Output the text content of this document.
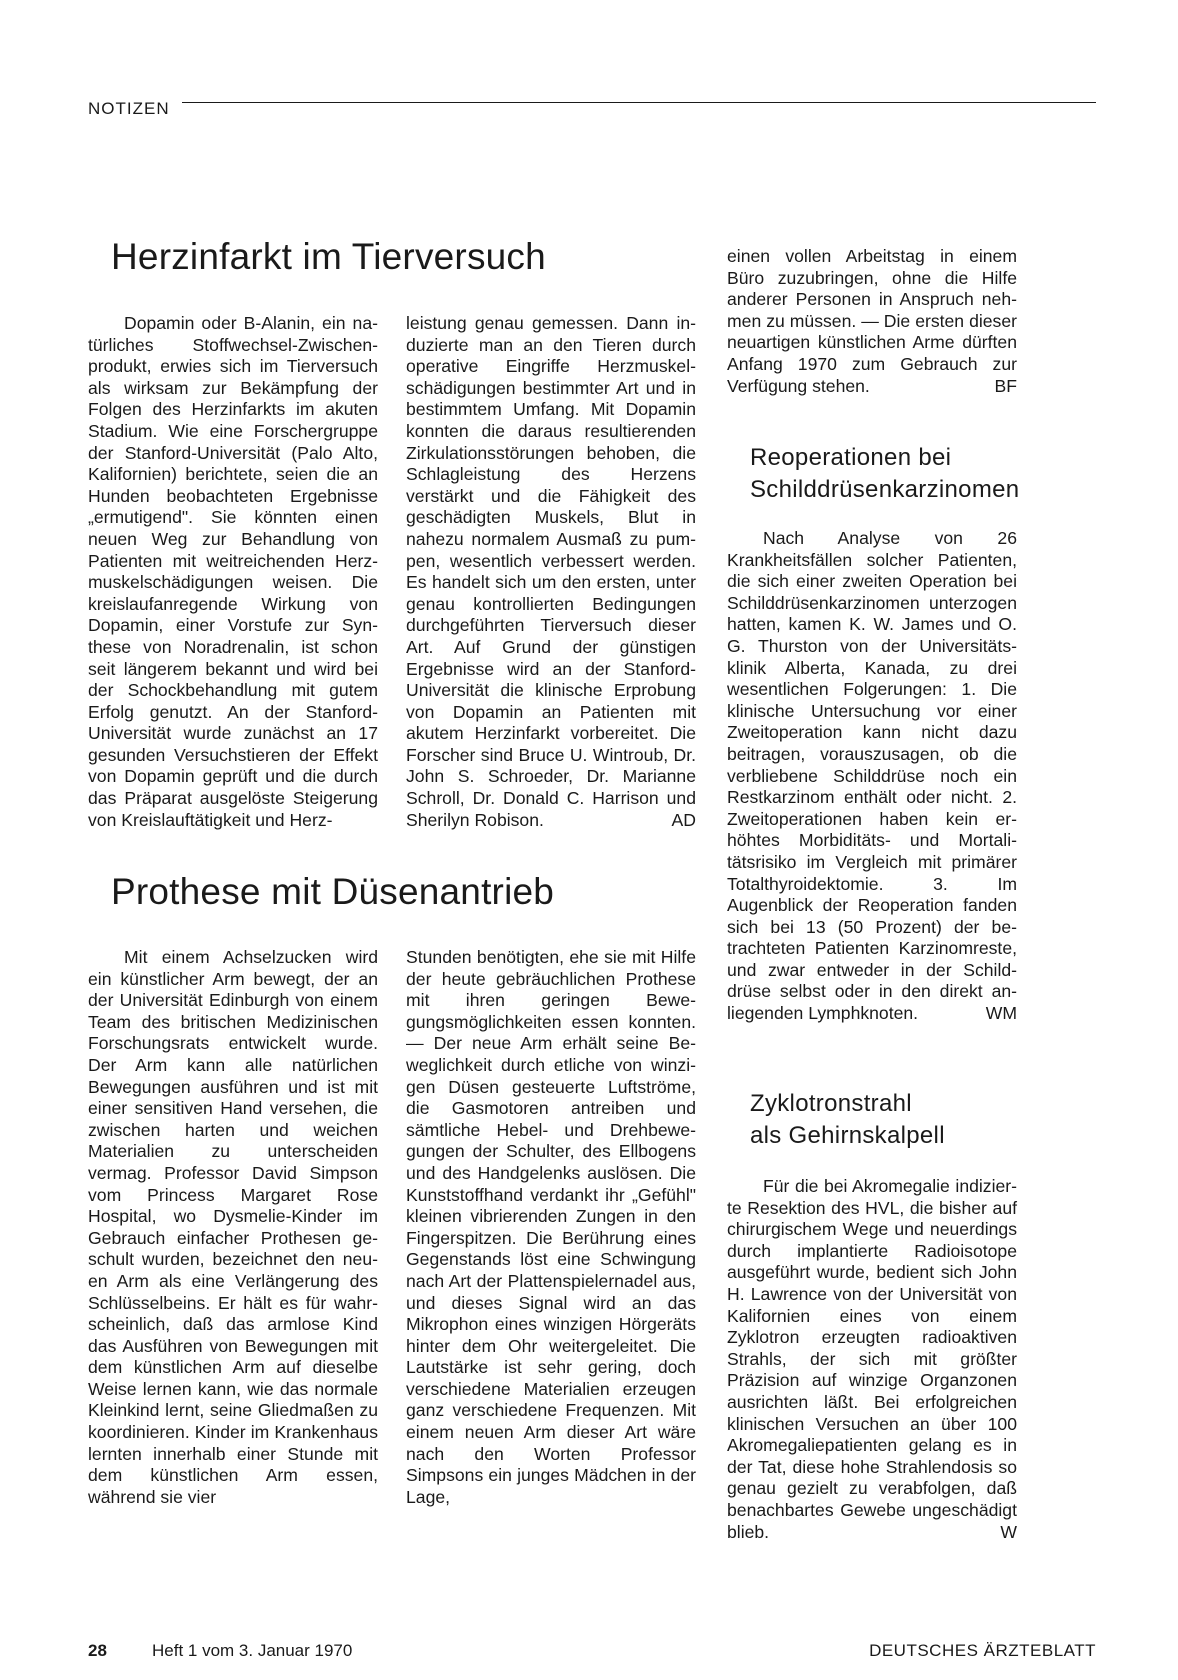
NOTIZEN
Herzinfarkt im Tierversuch

Dopamin oder B-Alanin, ein natürliches Stoffwechsel-Zwischenprodukt, erwies sich im Tierversuch als wirksam zur Bekämpfung der Folgen des Herzinfarkts im akuten Stadium. Wie eine Forschergruppe der Stanford-Universität (Palo Alto, Kalifornien) berichtete, seien die an Hunden beobachteten Ergebnisse „ermutigend". Sie könnten einen neuen Weg zur Behandlung von Patienten mit weitreichenden Herzmuskelschädigungen weisen. Die kreislaufanregende Wirkung von Dopamin, einer Vorstufe zur Synthese von Noradrenalin, ist schon seit längerem bekannt und wird bei der Schockbehandlung mit gutem Erfolg genutzt. An der Stanford-Universität wurde zunächst an 17 gesunden Versuchstieren der Effekt von Dopamin geprüft und die durch das Präparat ausgelöste Steigerung von Kreislauftätigkeit und Herz-

leistung genau gemessen. Dann induzierte man an den Tieren durch operative Eingriffe Herzmuskelschädigungen bestimmter Art und in bestimmtem Umfang. Mit Dopamin konnten die daraus resultierenden Zirkulationsstörungen behoben, die Schlagleistung des Herzens verstärkt und die Fähigkeit des geschädigten Muskels, Blut in nahezu normalem Ausmaß zu pumpen, wesentlich verbessert werden. Es handelt sich um den ersten, unter genau kontrollierten Bedingungen durchgeführten Tierversuch dieser Art. Auf Grund der günstigen Ergebnisse wird an der Stanford-Universität die klinische Erprobung von Dopamin an Patienten mit akutem Herzinfarkt vorbereitet. Die Forscher sind Bruce U. Wintroub, Dr. John S. Schroeder, Dr. Marianne Schroll, Dr. Donald C. Harrison und Sherilyn Robison.	AD

Prothese mit Düsenantrieb

Mit einem Achselzucken wird ein künstlicher Arm bewegt, der an der Universität Edinburgh von einem Team des britischen Medizinischen Forschungsrats entwickelt wurde. Der Arm kann alle natürlichen Bewegungen ausführen und ist mit einer sensitiven Hand versehen, die zwischen harten und weichen Materialien zu unterscheiden vermag. Professor David Simpson vom Princess Margaret Rose Hospital, wo Dysmelie-Kinder im Gebrauch einfacher Prothesen geschult wurden, bezeichnet den neuen Arm als eine Verlängerung des Schlüsselbeins. Er hält es für wahrscheinlich, daß das armlose Kind das Ausführen von Bewegungen mit dem künstlichen Arm auf dieselbe Weise lernen kann, wie das normale Kleinkind lernt, seine Gliedmaßen zu koordinieren. Kinder im Krankenhaus lernten innerhalb einer Stunde mit dem künstlichen Arm essen, während sie vier

Stunden benötigten, ehe sie mit Hilfe der heute gebräuchlichen Prothese mit ihren geringen Bewegungsmöglichkeiten essen konnten. — Der neue Arm erhält seine Beweglichkeit durch etliche von winzigen Düsen gesteuerte Luftströme, die Gasmotoren antreiben und sämtliche Hebel- und Drehbewegungen der Schulter, des Ellbogens und des Handgelenks auslösen. Die Kunststoffhand verdankt ihr „Gefühl" kleinen vibrierenden Zungen in den Fingerspitzen. Die Berührung eines Gegenstands löst eine Schwingung nach Art der Plattenspielernadel aus, und dieses Signal wird an das Mikrophon eines winzigen Hörgeräts hinter dem Ohr weitergeleitet. Die Lautstärke ist sehr gering, doch verschiedene Materialien erzeugen ganz verschiedene Frequenzen. Mit einem neuen Arm dieser Art wäre nach den Worten Professor Simpsons ein junges Mädchen in der Lage,

einen vollen Arbeitstag in einem Büro zuzubringen, ohne die Hilfe anderer Personen in Anspruch nehmen zu müssen. — Die ersten dieser neuartigen künstlichen Arme dürften Anfang 1970 zum Gebrauch zur Verfügung stehen.	BF

Reoperationen bei
Schilddrüsenkarzinomen

Nach Analyse von 26 Krankheitsfällen solcher Patienten, die sich einer zweiten Operation bei Schilddrüsenkarzinomen unterzogen hatten, kamen K. W. James und O. G. Thurston von der Universitätsklinik Alberta, Kanada, zu drei wesentlichen Folgerungen: 1. Die klinische Untersuchung vor einer Zweitoperation kann nicht dazu beitragen, vorauszusagen, ob die verbliebene Schilddrüse noch ein Restkarzinom enthält oder nicht. 2. Zweitoperationen haben kein erhöhtes Morbiditäts- und Mortalitätsrisiko im Vergleich mit primärer Totalthyroidektomie. 3. Im Augenblick der Reoperation fanden sich bei 13 (50 Prozent) der betrachteten Patienten Karzinomreste, und zwar entweder in der Schilddrüse selbst oder in den direkt anliegenden Lymphknoten.	WM

Zyklotronstrahl
als Gehirnskalpell

Für die bei Akromegalie indizierte Resektion des HVL, die bisher auf chirurgischem Wege und neuerdings durch implantierte Radioisotope ausgeführt wurde, bedient sich John H. Lawrence von der Universität von Kalifornien eines von einem Zyklotron erzeugten radioaktiven Strahls, der sich mit größter Präzision auf winzige Organzonen ausrichten läßt. Bei erfolgreichen klinischen Versuchen an über 100 Akromegaliepatienten gelang es in der Tat, diese hohe Strahlendosis so genau gezielt zu verabfolgen, daß benachbartes Gewebe ungeschädigt blieb.	W

28	Heft 1 vom 3. Januar 1970	DEUTSCHES ÄRZTEBLATT
